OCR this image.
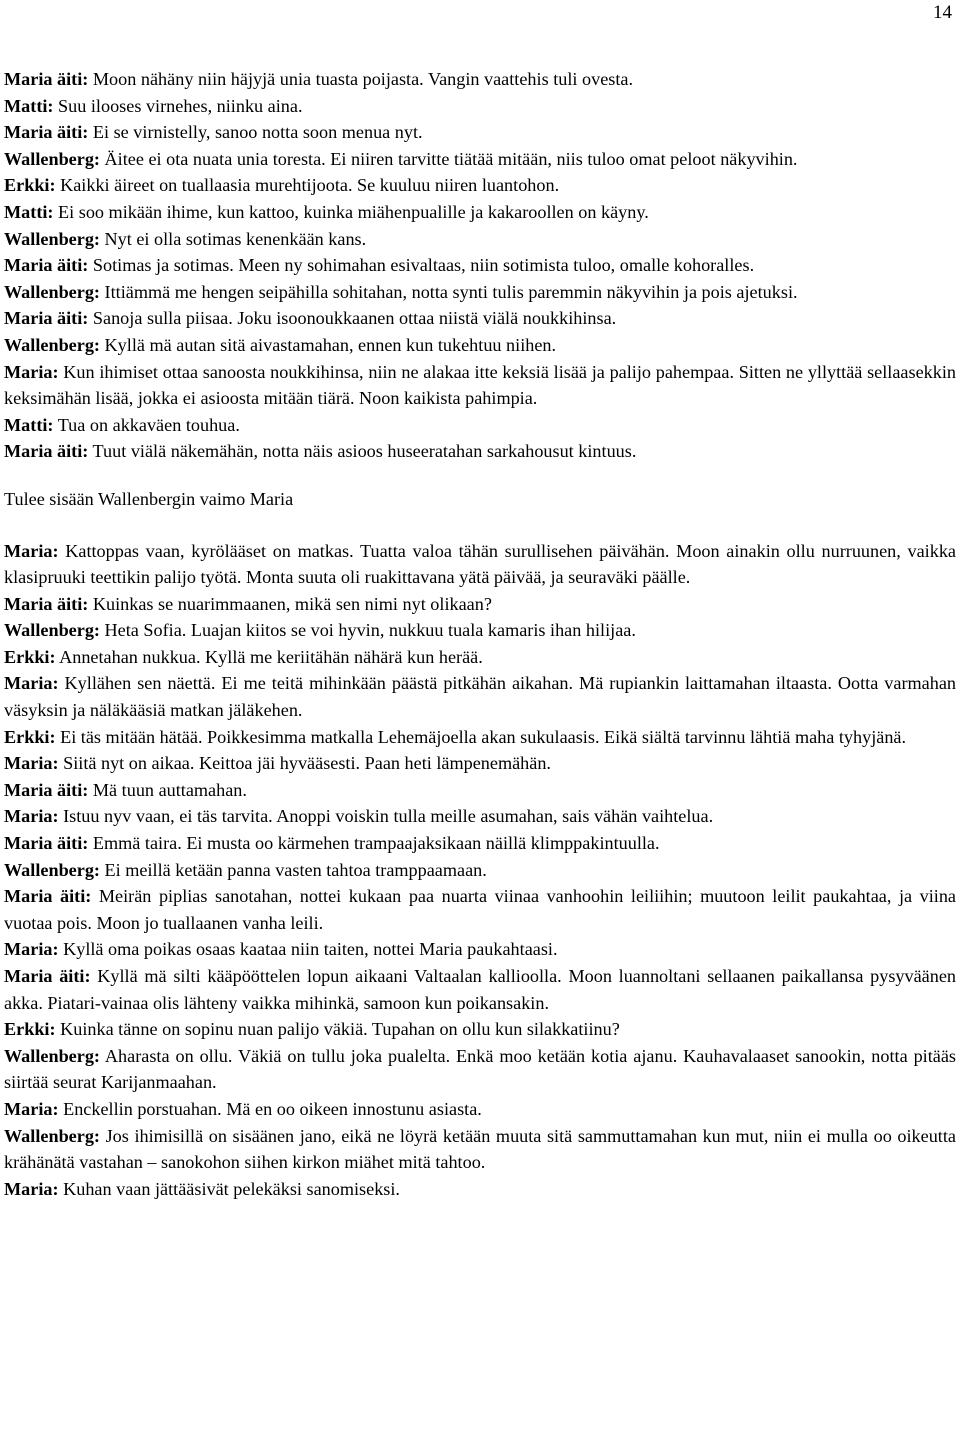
14
Maria äiti: Moon nähäny niin häjyjä unia tuasta poijasta. Vangin vaattehis tuli ovesta.
Matti: Suu ilooses virnehes, niinku aina.
Maria äiti: Ei se virnistelly, sanoo notta soon menua nyt.
Wallenberg: Äitee ei ota nuata unia toresta. Ei niiren tarvitte tiätää mitään, niis tuloo omat peloot näkyvihin.
Erkki: Kaikki äireet on tuallaasia murehtijoota. Se kuuluu niiren luantohon.
Matti: Ei soo mikään ihime, kun kattoo, kuinka miähenpualille ja kakaroollen on käyny.
Wallenberg: Nyt ei olla sotimas kenenkään kans.
Maria äiti: Sotimas ja sotimas. Meen ny sohimahan esivaltaas, niin sotimista tuloo, omalle kohoralles.
Wallenberg: Ittiämmä me hengen seipähilla sohitahan, notta synti tulis paremmin näkyvihin ja pois ajetuksi.
Maria äiti: Sanoja sulla piisaa. Joku isoonoukkaanen ottaa niistä viälä noukkihinsa.
Wallenberg: Kyllä mä autan sitä aivastamahan, ennen kun tukehtuu niihen.
Maria: Kun ihimiset ottaa sanoosta noukkihinsa, niin ne alakaa itte keksiä lisää ja palijo pahempaa. Sitten ne yllyttää sellaasekkin keksimähän lisää, jokka ei asioosta mitään tiärä. Noon kaikista pahimpia.
Matti: Tua on akkaväen touhua.
Maria äiti: Tuut viälä näkemähän, notta näis asioos huseeratahan sarkahousut kintuus.
Tulee sisään Wallenbergin vaimo Maria
Maria: Kattoppas vaan, kyrölääset on matkas. Tuatta valoa tähän surullisehen päivähän. Moon ainakin ollu nurruunen, vaikka klasipruuki teettikin palijo työtä. Monta suuta oli ruakittavana yätä päivää, ja seuraväki päälle.
Maria äiti: Kuinkas se nuarimmaanen, mikä sen nimi nyt olikaan?
Wallenberg: Heta Sofia. Luajan kiitos se voi hyvin, nukkuu tuala kamaris ihan hilijaa.
Erkki: Annetahan nukkua. Kyllä me keriitähän nähärä kun herää.
Maria: Kyllähen sen näettä. Ei me teitä mihinkään päästä pitkähän aikahan. Mä rupiankin laittamahan iltaasta. Ootta varmahan väsyksin ja näläkääsiä matkan jäläkehen.
Erkki: Ei täs mitään hätää. Poikkesimma matkalla Lehemäjoella akan sukulaasis. Eikä siältä tarvinnu lähtiä maha tyhyjänä.
Maria: Siitä nyt on aikaa. Keittoa jäi hyvääsesti. Paan heti lämpenemähän.
Maria äiti: Mä tuun auttamahan.
Maria: Istuu nyv vaan, ei täs tarvita. Anoppi voiskin tulla meille asumahan, sais vähän vaihtelua.
Maria äiti: Emmä taira. Ei musta oo kärmehen trampaajaksikaan näillä klimppakintuulla.
Wallenberg: Ei meillä ketään panna vasten tahtoa tramppaamaan.
Maria äiti: Meirän piplias sanotahan, nottei kukaan paa nuarta viinaa vanhoohin leiliihin; muutoon leilit paukahtaa, ja viina vuotaa pois. Moon jo tuallaanen vanha leili.
Maria: Kyllä oma poikas osaas kaataa niin taiten, nottei Maria paukahtaasi.
Maria äiti: Kyllä mä silti kääpööttelen lopun aikaani Valtaalan kallioolla. Moon luannoltani sellaanen paikallansa pysyväänen akka. Piatari-vainaa olis lähteny vaikka mihinkä, samoon kun poikansakin.
Erkki: Kuinka tänne on sopinu nuan palijo väkiä. Tupahan on ollu kun silakkatiinu?
Wallenberg: Aharasta on ollu. Väkiä on tullu joka pualelta. Enkä moo ketään kotia ajanu. Kauhavalaaset sanookin, notta pitääs siirtää seurat Karijanmaahan.
Maria: Enckellin porstuahan. Mä en oo oikeen innostunu asiasta.
Wallenberg: Jos ihimisillä on sisäänen jano, eikä ne löyrä ketään muuta sitä sammuttamahan kun mut, niin ei mulla oo oikeutta krähänätä vastahan – sanokohon siihen kirkon miähet mitä tahtoo.
Maria: Kuhan vaan jättääsivät pelekäksi sanomiseksi.
